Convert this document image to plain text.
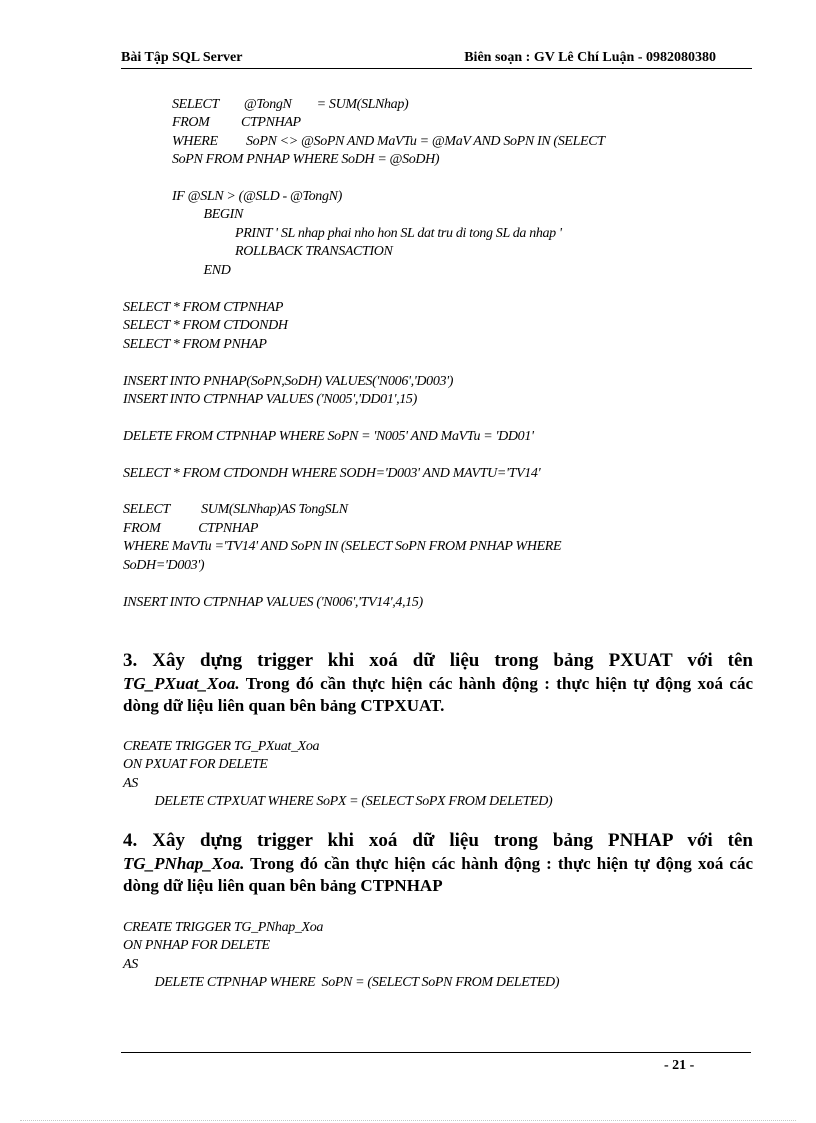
Bài Tập SQL Server	Biên soạn : GV Lê Chí Luận - 0982080380
SELECT        @TongN        = SUM(SLNhap)
FROM          CTPNHAP
WHERE         SoPN <> @SoPN AND MaVTu = @MaV AND SoPN IN (SELECT
SoPN FROM PNHAP WHERE SoDH = @SoDH)

IF @SLN > (@SLD - @TongN)
BEGIN
PRINT ' SL nhap phai nho hon SL dat tru di tong SL da nhap '
ROLLBACK TRANSACTION
END
SELECT * FROM CTPNHAP
SELECT * FROM CTDONDH
SELECT * FROM PNHAP

INSERT INTO PNHAP(SoPN,SoDH) VALUES('N006','D003')
INSERT INTO CTPNHAP VALUES ('N005','DD01',15)

DELETE FROM CTPNHAP WHERE SoPN = 'N005' AND MaVTu = 'DD01'

SELECT * FROM CTDONDH WHERE SODH='D003' AND MAVTU='TV14'

SELECT          SUM(SLNhap)AS TongSLN
FROM            CTPNHAP
WHERE MaVTu ='TV14' AND SoPN IN (SELECT SoPN FROM PNHAP WHERE
SoDH='D003')

INSERT INTO CTPNHAP VALUES ('N006','TV14',4,15)
3. Xây dựng trigger khi xoá dữ liệu trong bảng PXUAT với tên
TG_PXuat_Xoa. Trong đó cần thực hiện các hành động : thực hiện tự động xoá các dòng dữ liệu liên quan bên bảng CTPXUAT.
CREATE TRIGGER TG_PXuat_Xoa
ON PXUAT FOR DELETE
AS
DELETE CTPXUAT WHERE SoPX = (SELECT SoPX FROM DELETED)
4. Xây dựng trigger khi xoá dữ liệu trong bảng PNHAP với tên
TG_PNhap_Xoa. Trong đó cần thực hiện các hành động : thực hiện tự động xoá các dòng dữ liệu liên quan bên bảng CTPNHAP
CREATE TRIGGER TG_PNhap_Xoa
ON PNHAP FOR DELETE
AS
DELETE CTPNHAP WHERE  SoPN = (SELECT SoPN FROM DELETED)
- 21 -
